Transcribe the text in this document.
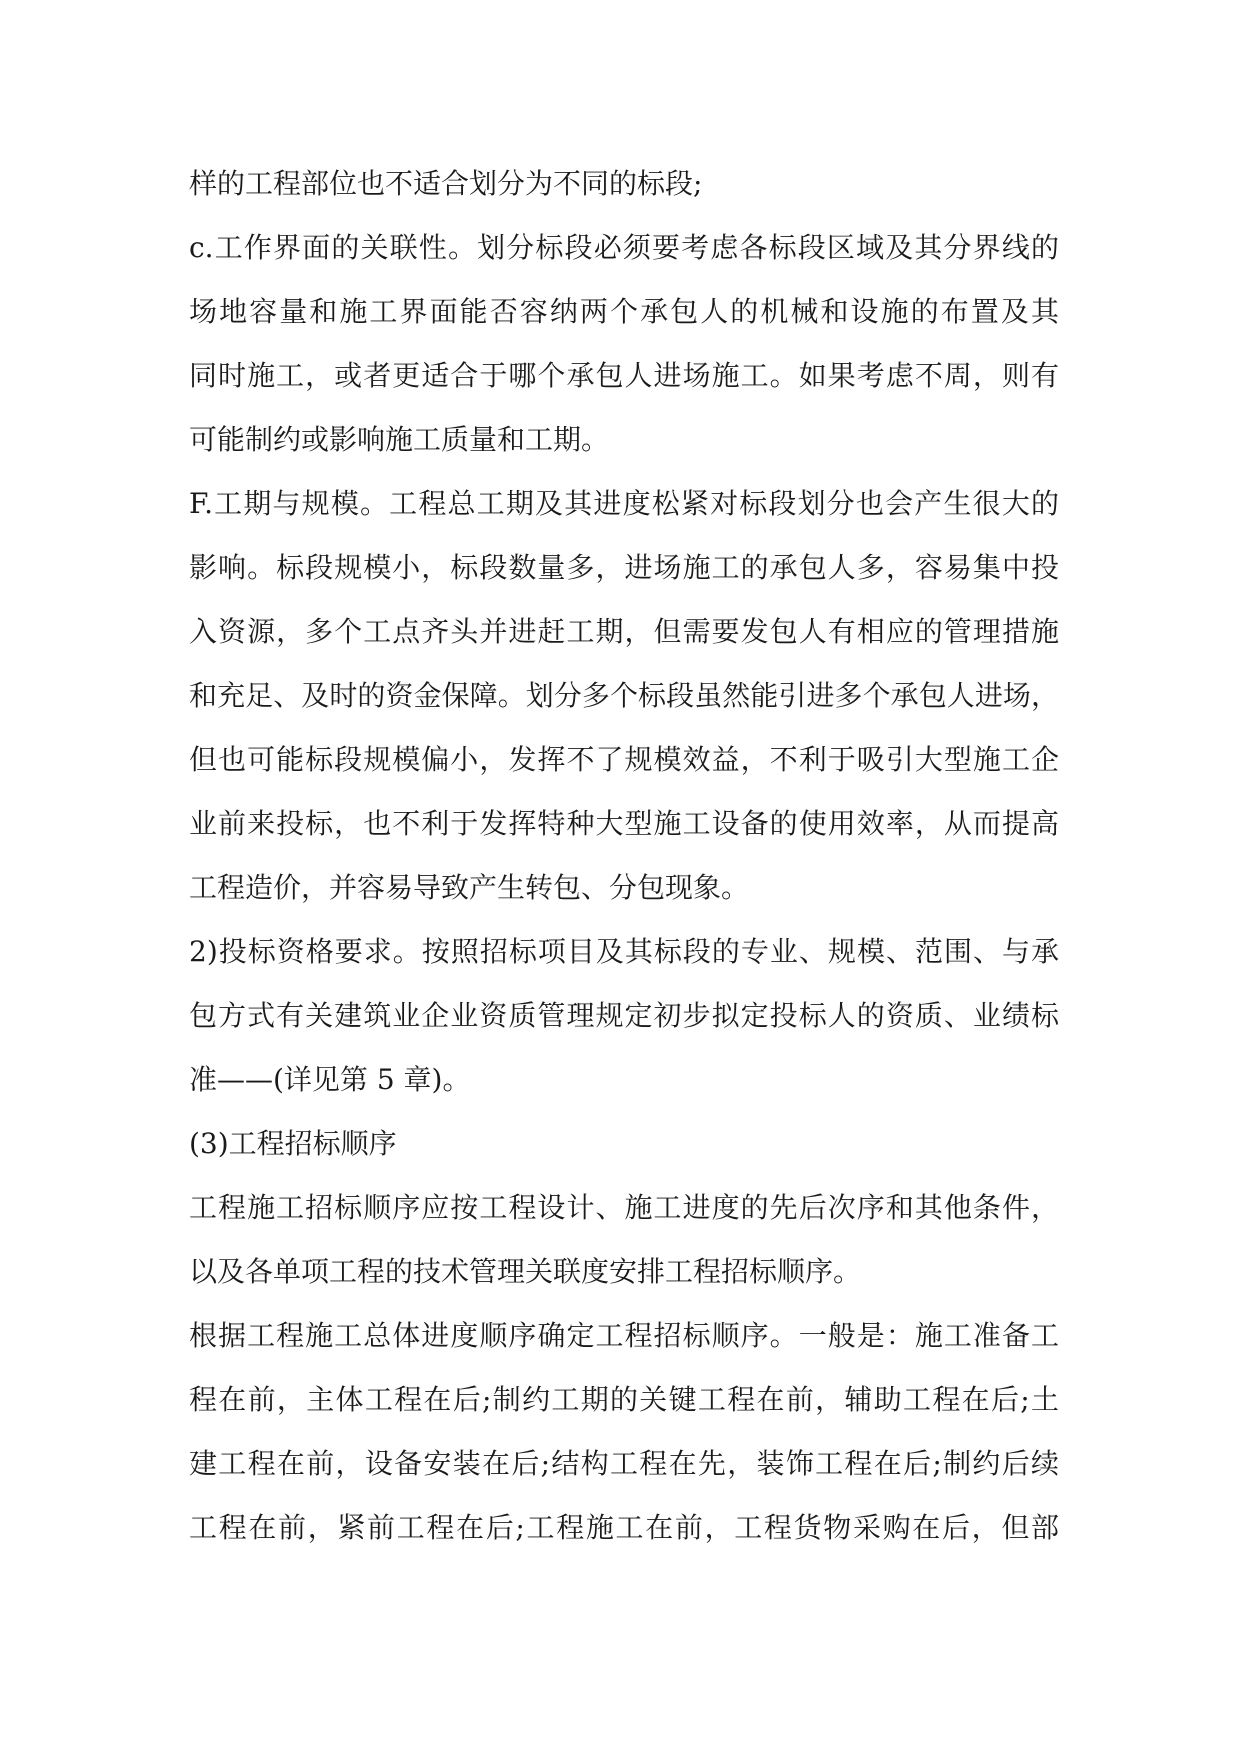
样的工程部位也不适合划分为不同的标段;
c.工作界面的关联性。划分标段必须要考虑各标段区域及其分界线的
场地容量和施工界面能否容纳两个承包人的机械和设施的布置及其
同时施工，或者更适合于哪个承包人进场施工。如果考虑不周，则有
可能制约或影响施工质量和工期。
F.工期与规模。工程总工期及其进度松紧对标段划分也会产生很大的
影响。标段规模小，标段数量多，进场施工的承包人多，容易集中投
入资源，多个工点齐头并进赶工期，但需要发包人有相应的管理措施
和充足、及时的资金保障。划分多个标段虽然能引进多个承包人进场，
但也可能标段规模偏小，发挥不了规模效益，不利于吸引大型施工企
业前来投标，也不利于发挥特种大型施工设备的使用效率，从而提高
工程造价，并容易导致产生转包、分包现象。
2)投标资格要求。按照招标项目及其标段的专业、规模、范围、与承
包方式有关建筑业企业资质管理规定初步拟定投标人的资质、业绩标
准——(详见第 5 章)。
(3)工程招标顺序
工程施工招标顺序应按工程设计、施工进度的先后次序和其他条件，
以及各单项工程的技术管理关联度安排工程招标顺序。
根据工程施工总体进度顺序确定工程招标顺序。一般是：施工准备工
程在前，主体工程在后;制约工期的关键工程在前，辅助工程在后;土
建工程在前，设备安装在后;结构工程在先，装饰工程在后;制约后续
工程在前，紧前工程在后;工程施工在前，工程货物采购在后，但部
